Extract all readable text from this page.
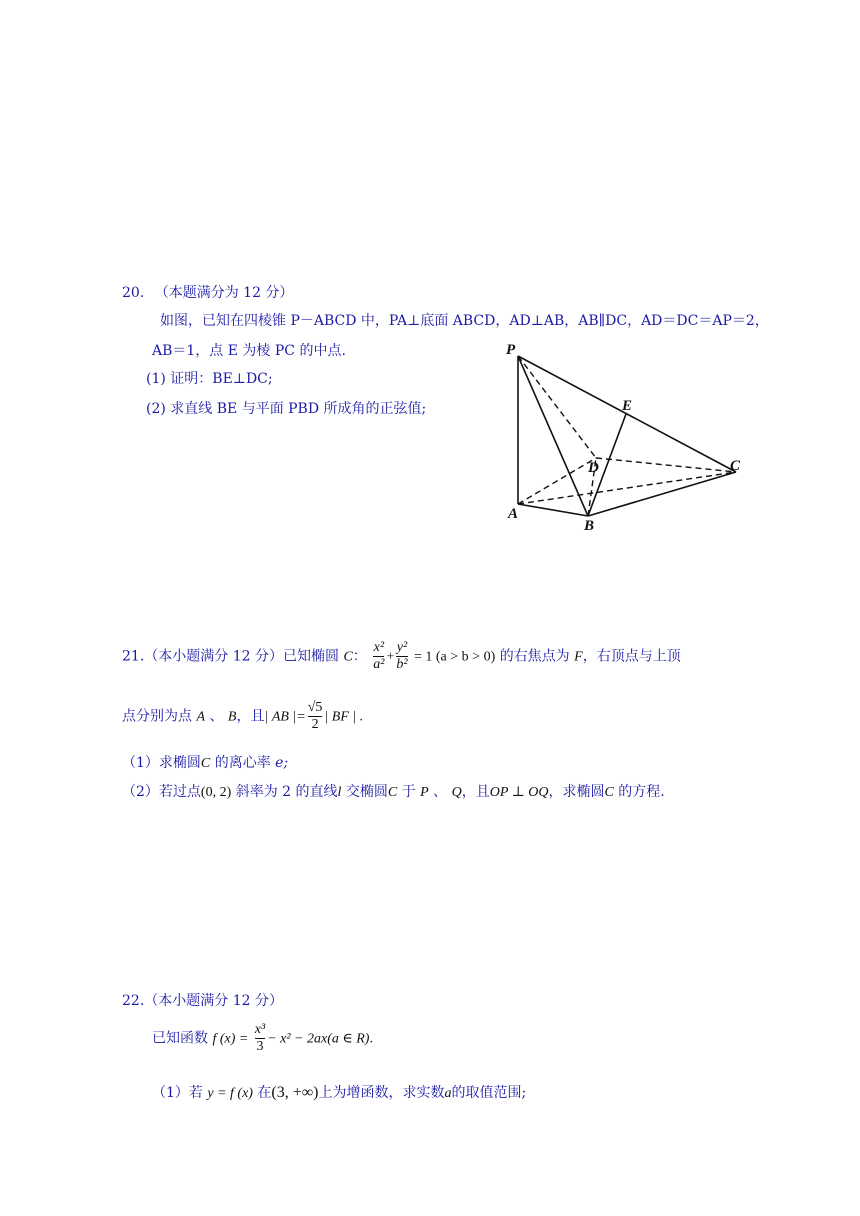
20. （本题满分为 12 分）
如图，已知在四棱锥 P－ABCD 中，PA⊥底面 ABCD，AD⊥AB，AB∥DC，AD＝DC＝AP＝2，
AB＝1，点 E 为棱 PC 的中点.
(1) 证明：BE⊥DC;
(2) 求直线 BE 与平面 PBD 所成角的正弦值;
P
E
D	C
A
B
21.（本小题满分 12 分）已知椭圆 C： $\frac{\text{x²}}{\text{a²}} + \frac{\text{y²}}{\text{b²}} = 1$ (a > b > 0) 的右焦点为 F，右顶点与上顶
点分别为点 A 、 B，且| AB |= $\frac{√5}{2}$ | BF | .
（1）求椭圆C 的离心率 e;
（2）若过点(0, 2) 斜率为 2 的直线l 交椭圆C 于 P 、 Q，且OP ⊥ OQ，求椭圆C 的方程.
22.（本小题满分 12 分）
已知函数 f $(x) = \frac{\text{x³}}{3} - x^2 - 2ax(a$ ∈ R).
（1）若 y = f (x) 在(3, +∞)上为增函数，求实数a的取值范围;
